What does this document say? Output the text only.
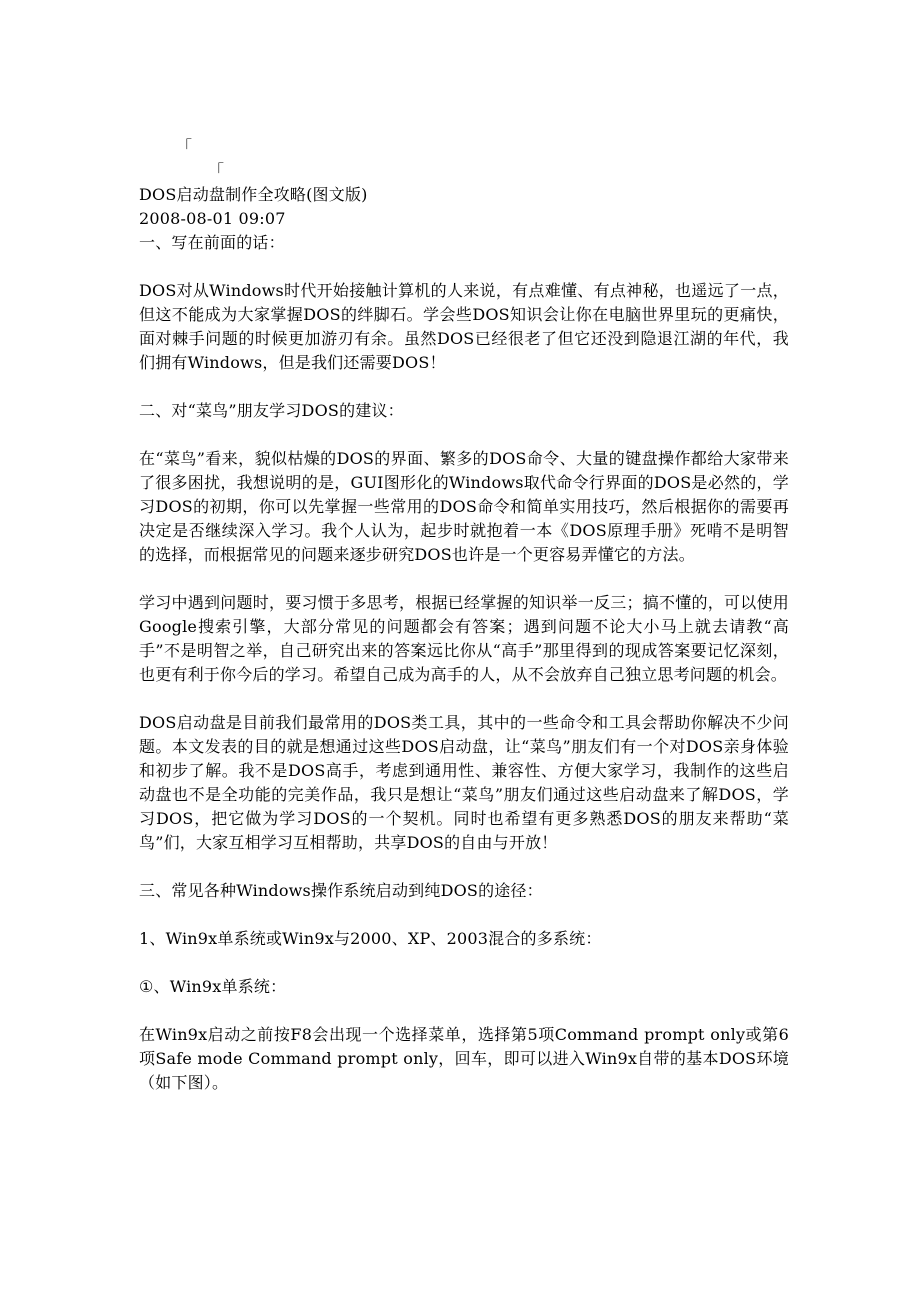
「
「

DOS启动盘制作全攻略(图文版)

2008-08-01 09:07

一、写在前面的话：

DOS对从Windows时代开始接触计算机的人来说，有点难懂、有点神秘，也遥远了一点，但这不能成为大家掌握DOS的绊脚石。学会些DOS知识会让你在电脑世界里玩的更痛快，面对棘手问题的时候更加游刃有余。虽然DOS已经很老了但它还没到隐退江湖的年代，我们拥有Windows，但是我们还需要DOS！

二、对“菜鸟”朋友学习DOS的建议：

在“菜鸟”看来，貌似枯燥的DOS的界面、繁多的DOS命令、大量的键盘操作都给大家带来了很多困扰，我想说明的是，GUI图形化的Windows取代命令行界面的DOS是必然的，学习DOS的初期，你可以先掌握一些常用的DOS命令和简单实用技巧，然后根据你的需要再决定是否继续深入学习。我个人认为，起步时就抱着一本《DOS原理手册》死啃不是明智的选择，而根据常见的问题来逐步研究DOS也许是一个更容易弄懂它的方法。

学习中遇到问题时，要习惯于多思考，根据已经掌握的知识举一反三；搞不懂的，可以使用Google搜索引擎，大部分常见的问题都会有答案；遇到问题不论大小马上就去请教“高手”不是明智之举，自己研究出来的答案远比你从“高手”那里得到的现成答案要记忆深刻，也更有利于你今后的学习。希望自己成为高手的人，从不会放弃自己独立思考问题的机会。

DOS启动盘是目前我们最常用的DOS类工具，其中的一些命令和工具会帮助你解决不少问题。本文发表的目的就是想通过这些DOS启动盘，让“菜鸟”朋友们有一个对DOS亲身体验和初步了解。我不是DOS高手，考虑到通用性、兼容性、方便大家学习，我制作的这些启动盘也不是全功能的完美作品，我只是想让“菜鸟”朋友们通过这些启动盘来了解DOS，学习DOS，把它做为学习DOS的一个契机。同时也希望有更多熟悉DOS的朋友来帮助“菜鸟”们，大家互相学习互相帮助，共享DOS的自由与开放！

三、常见各种Windows操作系统启动到纯DOS的途径：

1、Win9x单系统或Win9x与2000、XP、2003混合的多系统：

①、Win9x单系统：

在Win9x启动之前按F8会出现一个选择菜单，选择第5项Command prompt only或第6项Safe mode Command prompt only，回车，即可以进入Win9x自带的基本DOS环境（如下图）。
